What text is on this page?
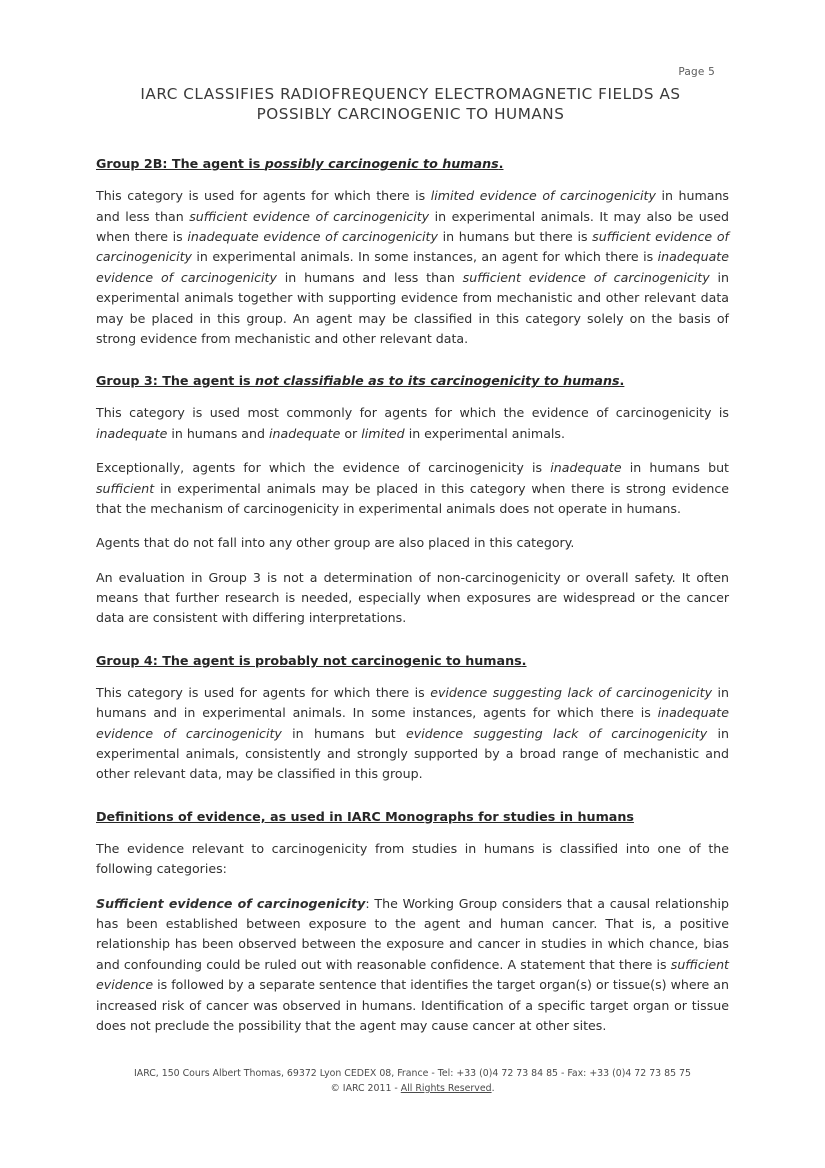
Page 5
IARC CLASSIFIES RADIOFREQUENCY ELECTROMAGNETIC FIELDS AS POSSIBLY CARCINOGENIC TO HUMANS
Group 2B: The agent is possibly carcinogenic to humans.

This category is used for agents for which there is limited evidence of carcinogenicity in humans and less than sufficient evidence of carcinogenicity in experimental animals. It may also be used when there is inadequate evidence of carcinogenicity in humans but there is sufficient evidence of carcinogenicity in experimental animals. In some instances, an agent for which there is inadequate evidence of carcinogenicity in humans and less than sufficient evidence of carcinogenicity in experimental animals together with supporting evidence from mechanistic and other relevant data may be placed in this group. An agent may be classified in this category solely on the basis of strong evidence from mechanistic and other relevant data.

Group 3: The agent is not classifiable as to its carcinogenicity to humans.

This category is used most commonly for agents for which the evidence of carcinogenicity is inadequate in humans and inadequate or limited in experimental animals.

Exceptionally, agents for which the evidence of carcinogenicity is inadequate in humans but sufficient in experimental animals may be placed in this category when there is strong evidence that the mechanism of carcinogenicity in experimental animals does not operate in humans.

Agents that do not fall into any other group are also placed in this category.

An evaluation in Group 3 is not a determination of non-carcinogenicity or overall safety. It often means that further research is needed, especially when exposures are widespread or the cancer data are consistent with differing interpretations.

Group 4: The agent is probably not carcinogenic to humans.

This category is used for agents for which there is evidence suggesting lack of carcinogenicity in humans and in experimental animals. In some instances, agents for which there is inadequate evidence of carcinogenicity in humans but evidence suggesting lack of carcinogenicity in experimental animals, consistently and strongly supported by a broad range of mechanistic and other relevant data, may be classified in this group.

Definitions of evidence, as used in IARC Monographs for studies in humans

The evidence relevant to carcinogenicity from studies in humans is classified into one of the following categories:

Sufficient evidence of carcinogenicity: The Working Group considers that a causal relationship has been established between exposure to the agent and human cancer. That is, a positive relationship has been observed between the exposure and cancer in studies in which chance, bias and confounding could be ruled out with reasonable confidence. A statement that there is sufficient evidence is followed by a separate sentence that identifies the target organ(s) or tissue(s) where an increased risk of cancer was observed in humans. Identification of a specific target organ or tissue does not preclude the possibility that the agent may cause cancer at other sites.

IARC, 150 Cours Albert Thomas, 69372 Lyon CEDEX 08, France - Tel: +33 (0)4 72 73 84 85 - Fax: +33 (0)4 72 73 85 75
© IARC 2011 - All Rights Reserved.
